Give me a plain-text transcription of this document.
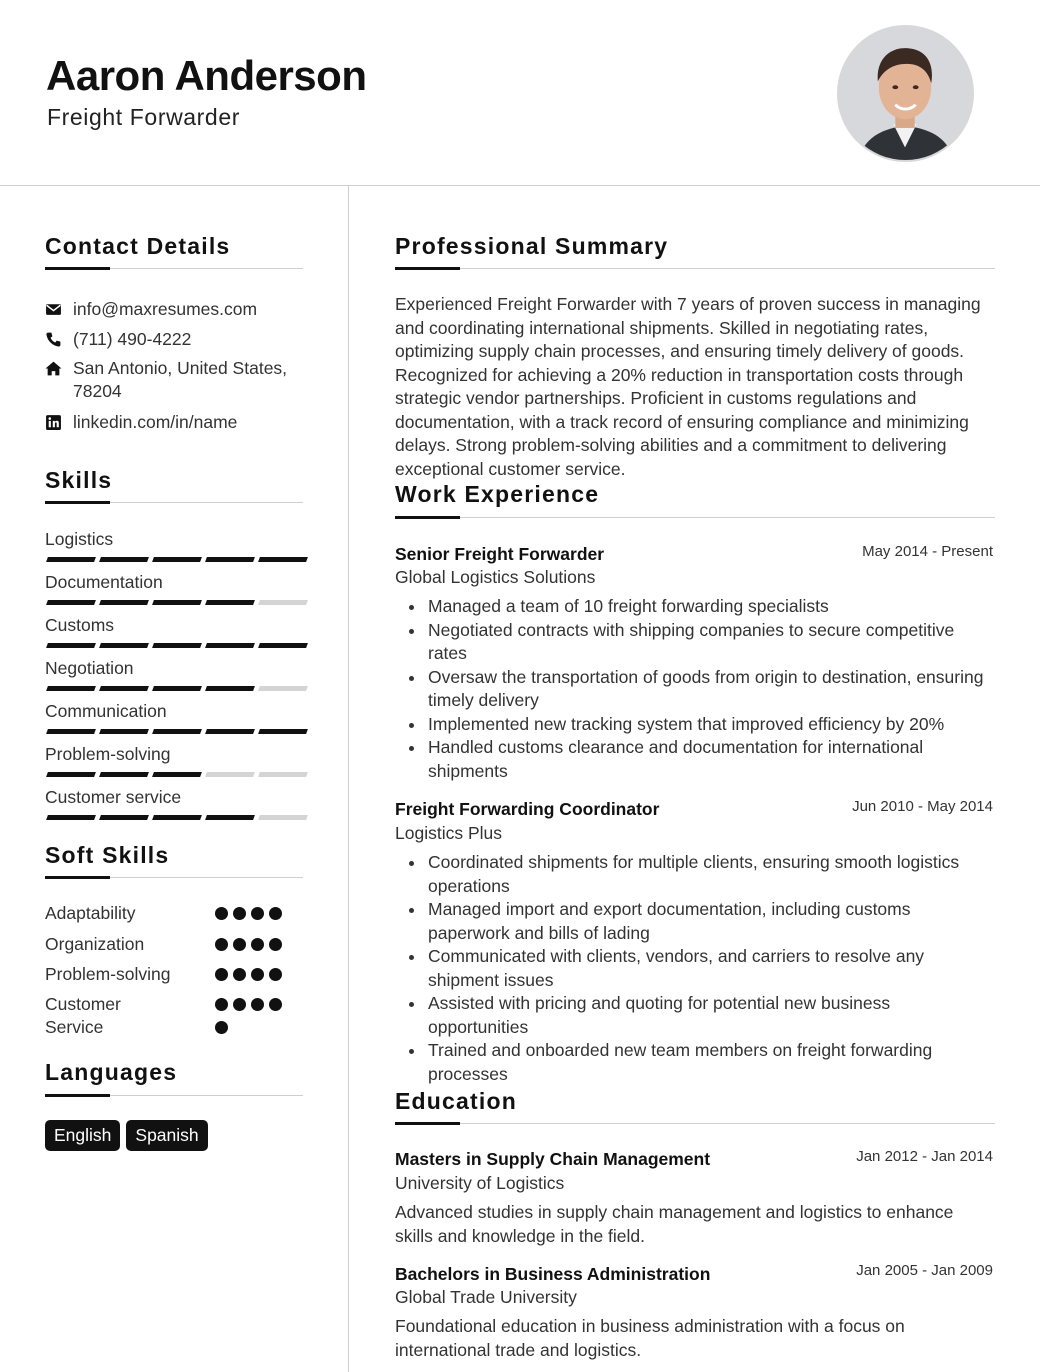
Aaron Anderson
Freight Forwarder
Contact Details
info@maxresumes.com
(711) 490-4222
San Antonio, United States, 78204
linkedin.com/in/name
Skills
Logistics
Documentation
Customs
Negotiation
Communication
Problem-solving
Customer service
Soft Skills
Adaptability
Organization
Problem-solving
Customer Service
Languages
English	Spanish
Professional Summary
Experienced Freight Forwarder with 7 years of proven success in managing and coordinating international shipments. Skilled in negotiating rates, optimizing supply chain processes, and ensuring timely delivery of goods. Recognized for achieving a 20% reduction in transportation costs through strategic vendor partnerships. Proficient in customs regulations and documentation, with a track record of ensuring compliance and minimizing delays. Strong problem-solving abilities and a commitment to delivering exceptional customer service.
Work Experience
Senior Freight Forwarder	May 2014 - Present
Global Logistics Solutions
Managed a team of 10 freight forwarding specialists
Negotiated contracts with shipping companies to secure competitive rates
Oversaw the transportation of goods from origin to destination, ensuring timely delivery
Implemented new tracking system that improved efficiency by 20%
Handled customs clearance and documentation for international shipments
Freight Forwarding Coordinator	Jun 2010 - May 2014
Logistics Plus
Coordinated shipments for multiple clients, ensuring smooth logistics operations
Managed import and export documentation, including customs paperwork and bills of lading
Communicated with clients, vendors, and carriers to resolve any shipment issues
Assisted with pricing and quoting for potential new business opportunities
Trained and onboarded new team members on freight forwarding processes
Education
Masters in Supply Chain Management	Jan 2012 - Jan 2014
University of Logistics
Advanced studies in supply chain management and logistics to enhance skills and knowledge in the field.
Bachelors in Business Administration	Jan 2005 - Jan 2009
Global Trade University
Foundational education in business administration with a focus on international trade and logistics.
